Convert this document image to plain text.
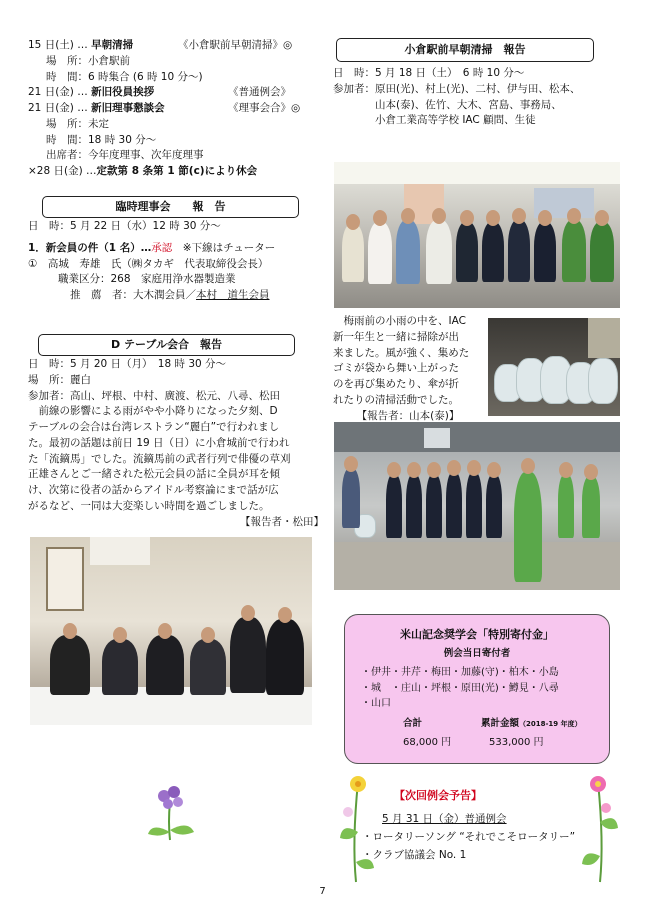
15 日(土) … 早朝清掃	《小倉駅前早朝清掃》◎
場　所：小倉駅前
時　間：6 時集合 (6 時 10 分～)
21 日(金) … 新旧役員挨拶	《普通例会》
21 日(金) … 新旧理事懇談会	《理事会合》◎
場　所：未定
時　間：18 時 30 分～
出席者：今年度理事、次年度理事
×28 日(金) …定款第 8 条第 1 節(c)により休会
臨時理事会　　報　告
日　時：5 月 22 日（水）12 時 30 分～
1．新会員の件（1 名）…承認　※下線はチューター
①　高城　寿雄　氏（㈱タカギ　代表取締役会長）
職業区分：268　家庭用浄水器製造業
推　薦　者：大木潤会員／本村　道生会員
D テーブル会合　報告
日　時：5 月 20 日（月）　18 時 30 分～
場　所：麗白
参加者：高山、坪根、中村、廣渡、松元、八尋、松田
　前線の影響による雨がやや小降りになった夕刻、D
テーブルの会合は台湾レストラン“麗白”で行われまし
た。最初の話題は前日 19 日（日）に小倉城前で行われ
た「流鏑馬」でした。流鏑馬前の武者行列で俳優の草刈
正雄さんとご一緒された松元会員の話に全員が耳を傾
け、次第に役者の話からアイドル考察論にまで話が広
がるなど、一同は大変楽しい時間を過ごしました。
【報告者・松田】
小倉駅前早朝清掃　報告
日　時：5 月 18 日（土）　6 時 10 分～
参加者：原田(光)、村上(光)、二村、伊与田、松本、
　　　　山本(泰)、佐竹、大木、宮島、事務局、
　　　　小倉工業高等学校 IAC 顧問、生徒
　梅雨前の小雨の中を、IAC
新一年生と一緒に掃除が出
来ました。風が強く、集めた
ゴミが袋から舞い上がった
のを再び集めたり、傘が折
れたりの清掃活動でした。
【報告者：山本(泰)】
米山記念奨学会「特別寄付金」
例会当日寄付者
・伊井・井芹・梅田・加藤(守)・柏木・小島
・城　・庄山・坪根・原田(光)・鱒見・八尋
・山口
合計	累計金額（2018-19 年度）
68,000 円	533,000 円
【次回例会予告】
5 月 31 日（金）普通例会
・ロータリーソング “それでこそロータリー”
・クラブ協議会 No. 1
7
